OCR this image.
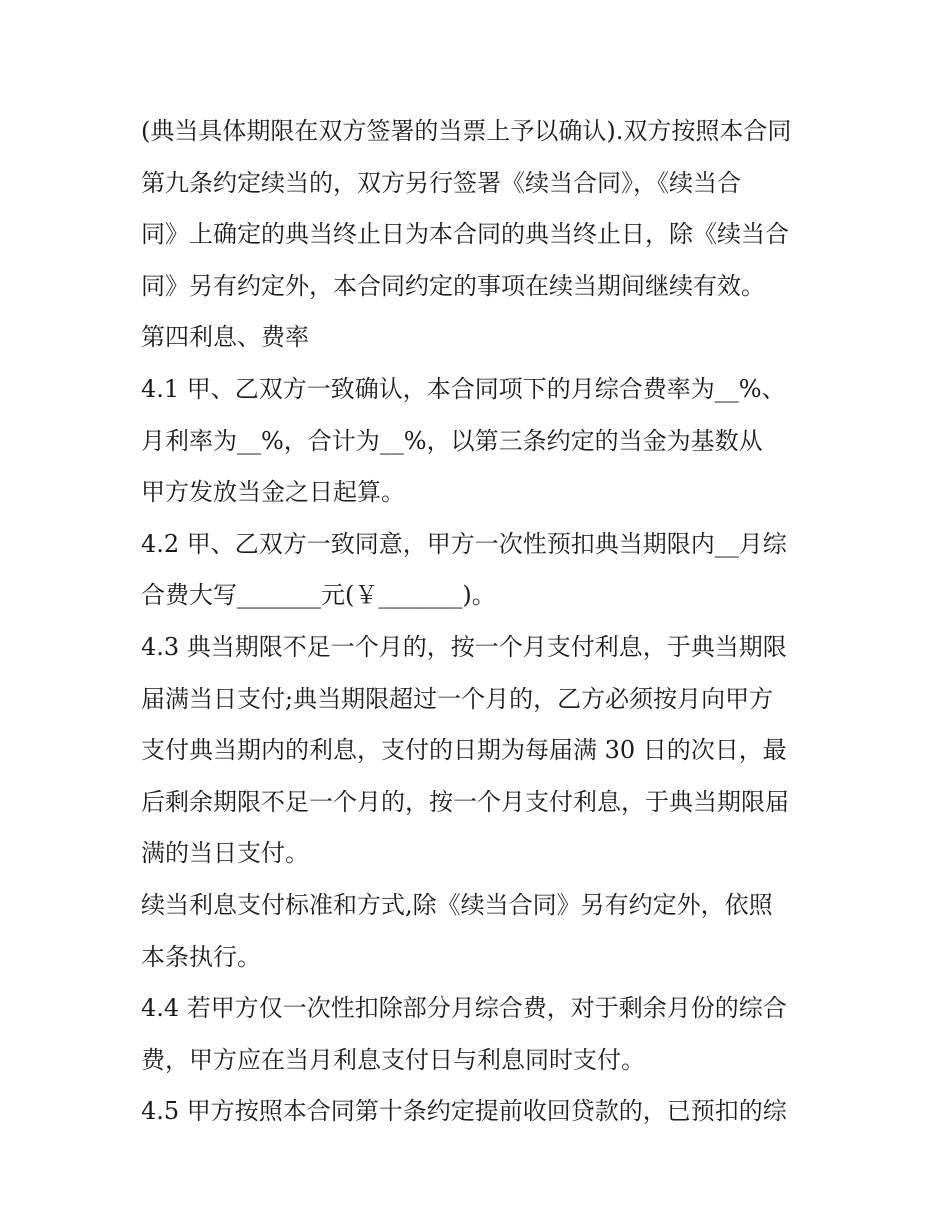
(典当具体期限在双方签署的当票上予以确认).双方按照本合同
第九条约定续当的，双方另行签署《续当合同》，《续当合
同》上确定的典当终止日为本合同的典当终止日，除《续当合
同》另有约定外，本合同约定的事项在续当期间继续有效。
第四利息、费率
4.1 甲、乙双方一致确认，本合同项下的月综合费率为__%、
月利率为__%，合计为__%，以第三条约定的当金为基数从
甲方发放当金之日起算。
4.2 甲、乙双方一致同意，甲方一次性预扣典当期限内__月综
合费大写_______元(￥_______)。
4.3 典当期限不足一个月的，按一个月支付利息，于典当期限
届满当日支付;典当期限超过一个月的，乙方必须按月向甲方
支付典当期内的利息，支付的日期为每届满 30 日的次日，最
后剩余期限不足一个月的，按一个月支付利息，于典当期限届
满的当日支付。
续当利息支付标准和方式,除《续当合同》另有约定外，依照
本条执行。
4.4 若甲方仅一次性扣除部分月综合费，对于剩余月份的综合
费，甲方应在当月利息支付日与利息同时支付。
4.5 甲方按照本合同第十条约定提前收回贷款的，已预扣的综
